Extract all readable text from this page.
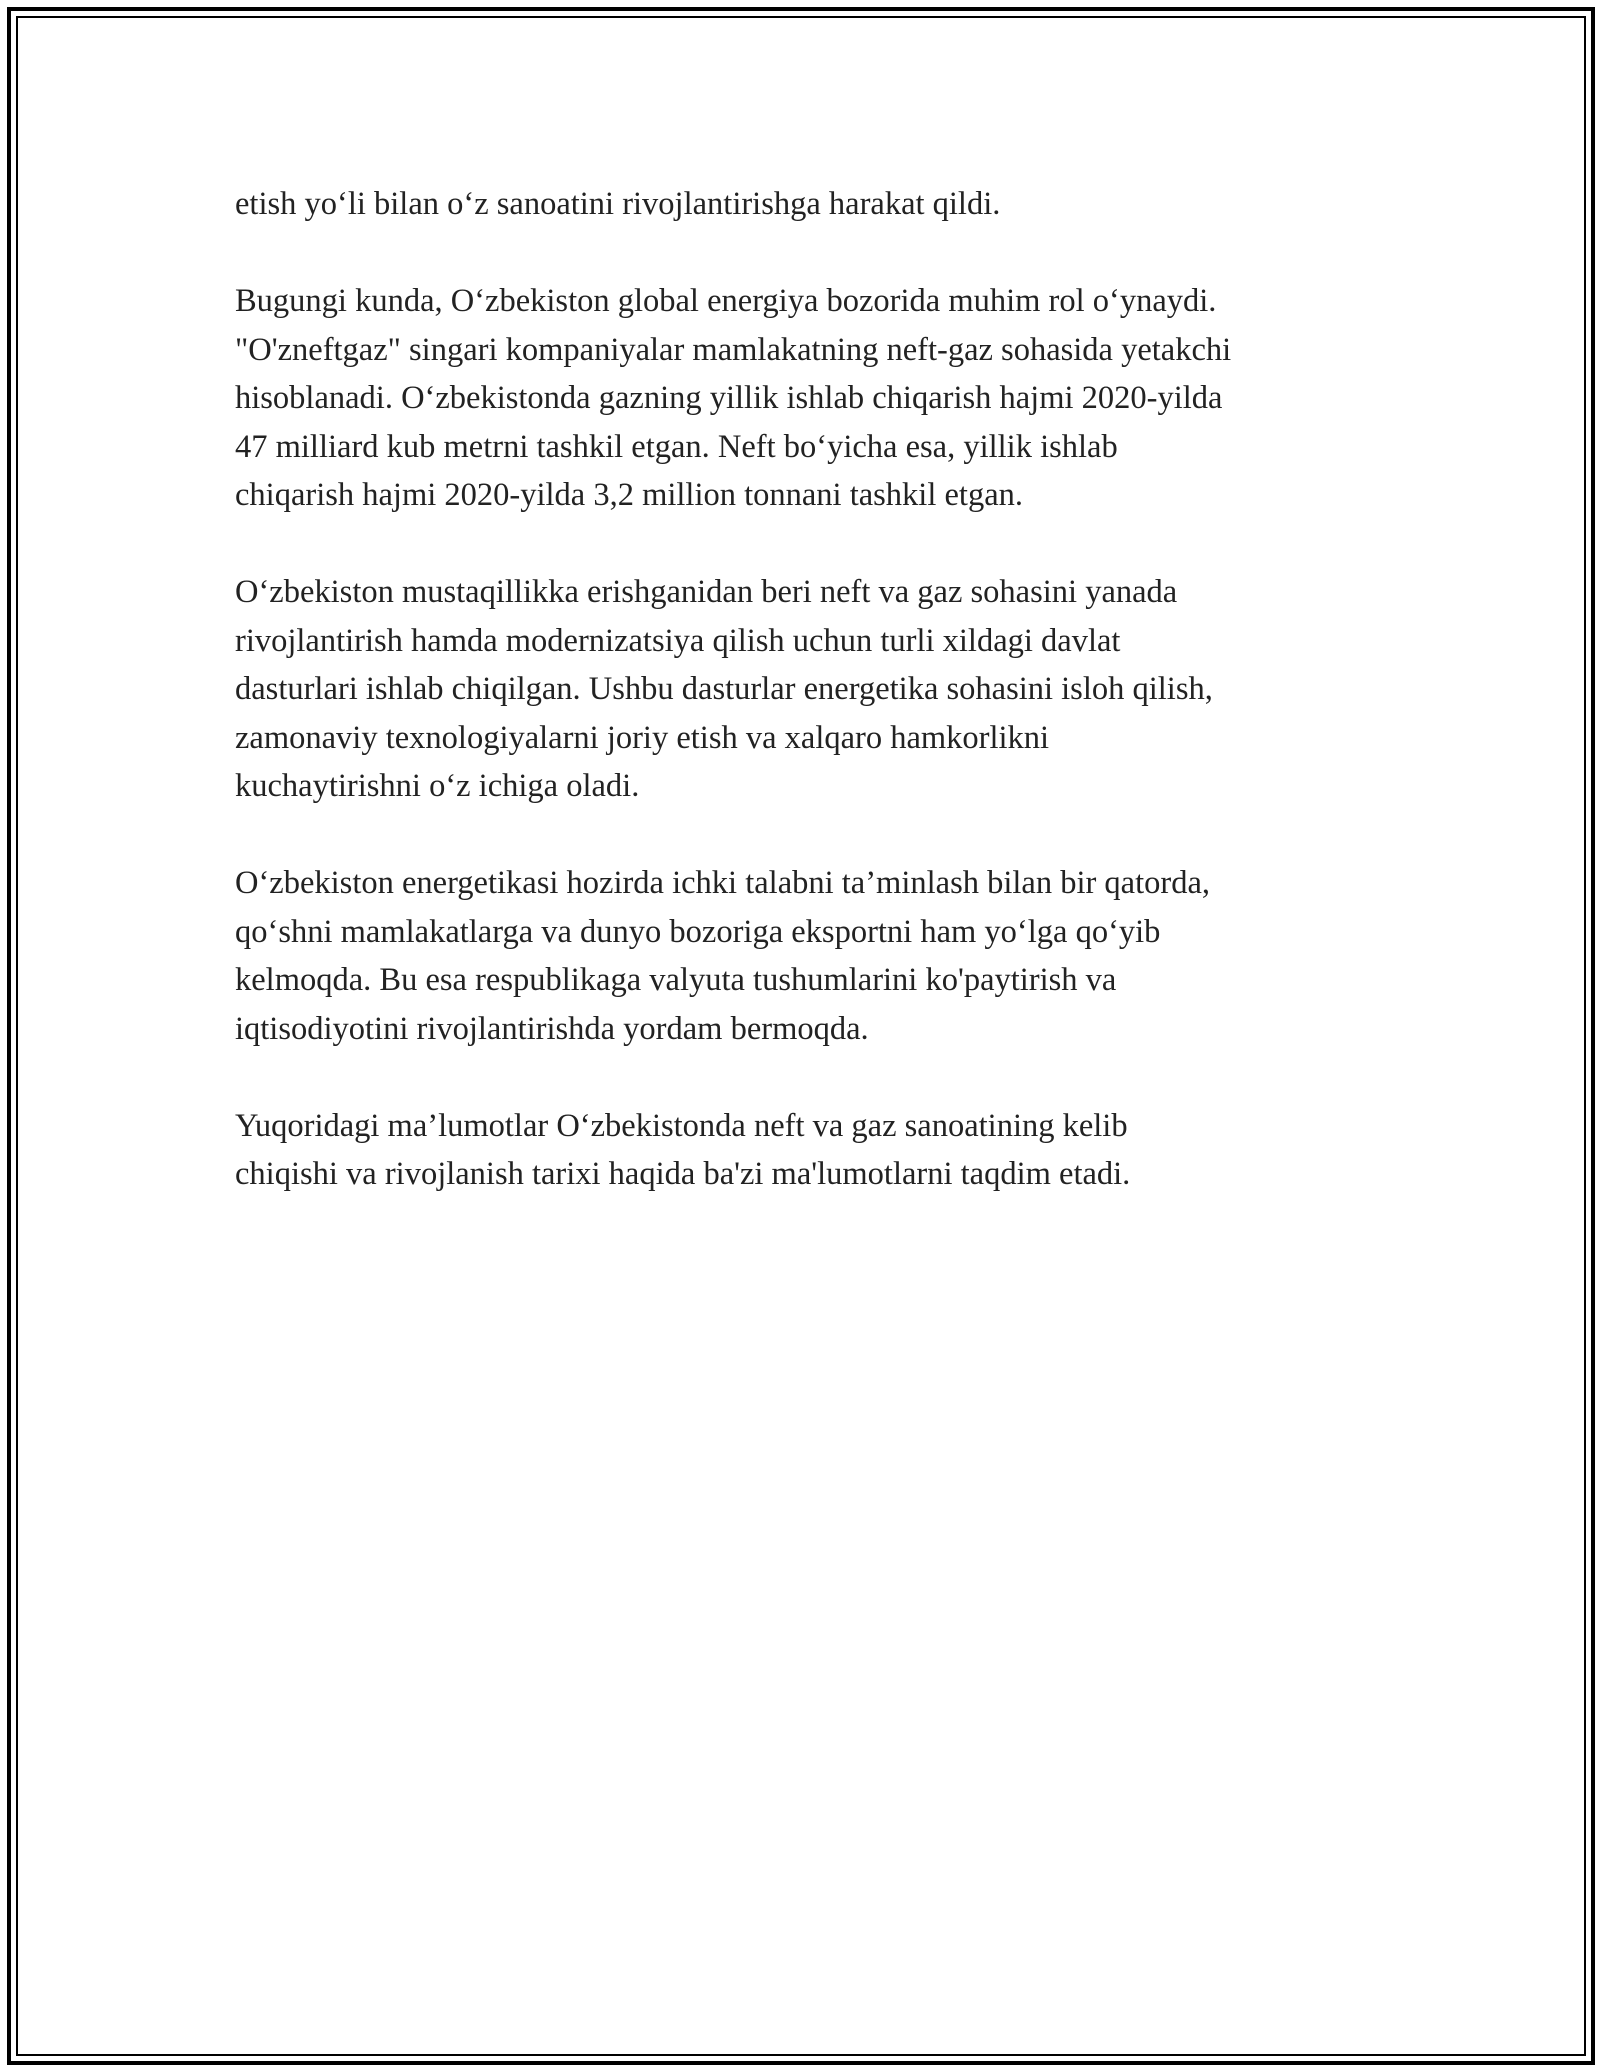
etish yo‘li bilan o‘z sanoatini rivojlantirishga harakat qildi.

Bugungi kunda, O‘zbekiston global energiya bozorida muhim rol o‘ynaydi.
"O'zneftgaz" singari kompaniyalar mamlakatning neft-gaz sohasida yetakchi
hisoblanadi. O‘zbekistonda gazning yillik ishlab chiqarish hajmi 2020-yilda
47 milliard kub metrni tashkil etgan. Neft bo‘yicha esa, yillik ishlab
chiqarish hajmi 2020-yilda 3,2 million tonnani tashkil etgan.

O‘zbekiston mustaqillikka erishganidan beri neft va gaz sohasini yanada
rivojlantirish hamda modernizatsiya qilish uchun turli xildagi davlat
dasturlari ishlab chiqilgan. Ushbu dasturlar energetika sohasini isloh qilish,
zamonaviy texnologiyalarni joriy etish va xalqaro hamkorlikni
kuchaytirishni o‘z ichiga oladi.

O‘zbekiston energetikasi hozirda ichki talabni ta’minlash bilan bir qatorda,
qo‘shni mamlakatlarga va dunyo bozoriga eksportni ham yo‘lga qo‘yib
kelmoqda. Bu esa respublikaga valyuta tushumlarini ko'paytirish va
iqtisodiyotini rivojlantirishda yordam bermoqda.

Yuqoridagi ma’lumotlar O‘zbekistonda neft va gaz sanoatining kelib
chiqishi va rivojlanish tarixi haqida ba'zi ma'lumotlarni taqdim etadi.
